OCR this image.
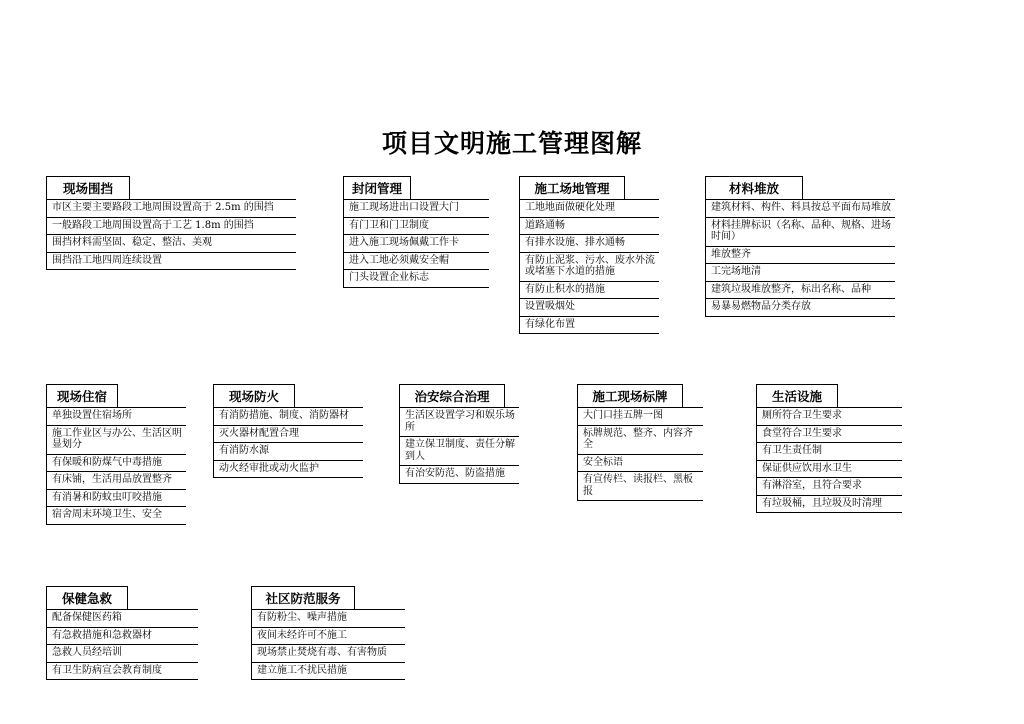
项目文明施工管理图解
现场围挡
市区主要主要路段工地周围设置高于 2.5m 的围挡
一般路段工地周围设置高于工艺 1.8m 的围挡
围挡材料需坚固、稳定、整洁、美观
围挡沿工地四周连续设置
封闭管理
施工现场进出口设置大门
有门卫和门卫制度
进入施工现场佩戴工作卡
进入工地必须戴安全帽
门头设置企业标志
施工场地管理
工地地面做硬化处理
道路通畅
有排水设施、排水通畅
有防止泥浆、污水、废水外流或堵塞下水道的措施
有防止积水的措施
设置吸烟处
有绿化布置
材料堆放
建筑材料、构件、料具按总平面布局堆放
材料挂牌标识（名称、品种、规格、进场时间）
堆放整齐
工完场地清
建筑垃圾堆放整齐，标出名称、品种
易暴易燃物品分类存放
现场住宿
单独设置住宿场所
施工作业区与办公、生活区明显划分
有保暖和防煤气中毒措施
有床铺，生活用品放置整齐
有消暑和防蚊虫叮咬措施
宿舍周末环境卫生、安全
现场防火
有消防措施、制度、消防器材
灭火器材配置合理
有消防水源
动火经审批或动火监护
治安综合治理
生活区设置学习和娱乐场所
建立保卫制度、责任分解到人
有治安防范、防盗措施
施工现场标牌
大门口挂五牌一图
标牌规范、整齐、内容齐全
安全标语
有宣传栏、读报栏、黑板报
生活设施
厕所符合卫生要求
食堂符合卫生要求
有卫生责任制
保证供应饮用水卫生
有淋浴室，且符合要求
有垃圾桶，且垃圾及时清理
保健急救
配备保健医药箱
有急救措施和急救器材
急救人员经培训
有卫生防病宣会教育制度
社区防范服务
有防粉尘、噪声措施
夜间未经许可不施工
现场禁止焚烧有毒、有害物质
建立施工不扰民措施
